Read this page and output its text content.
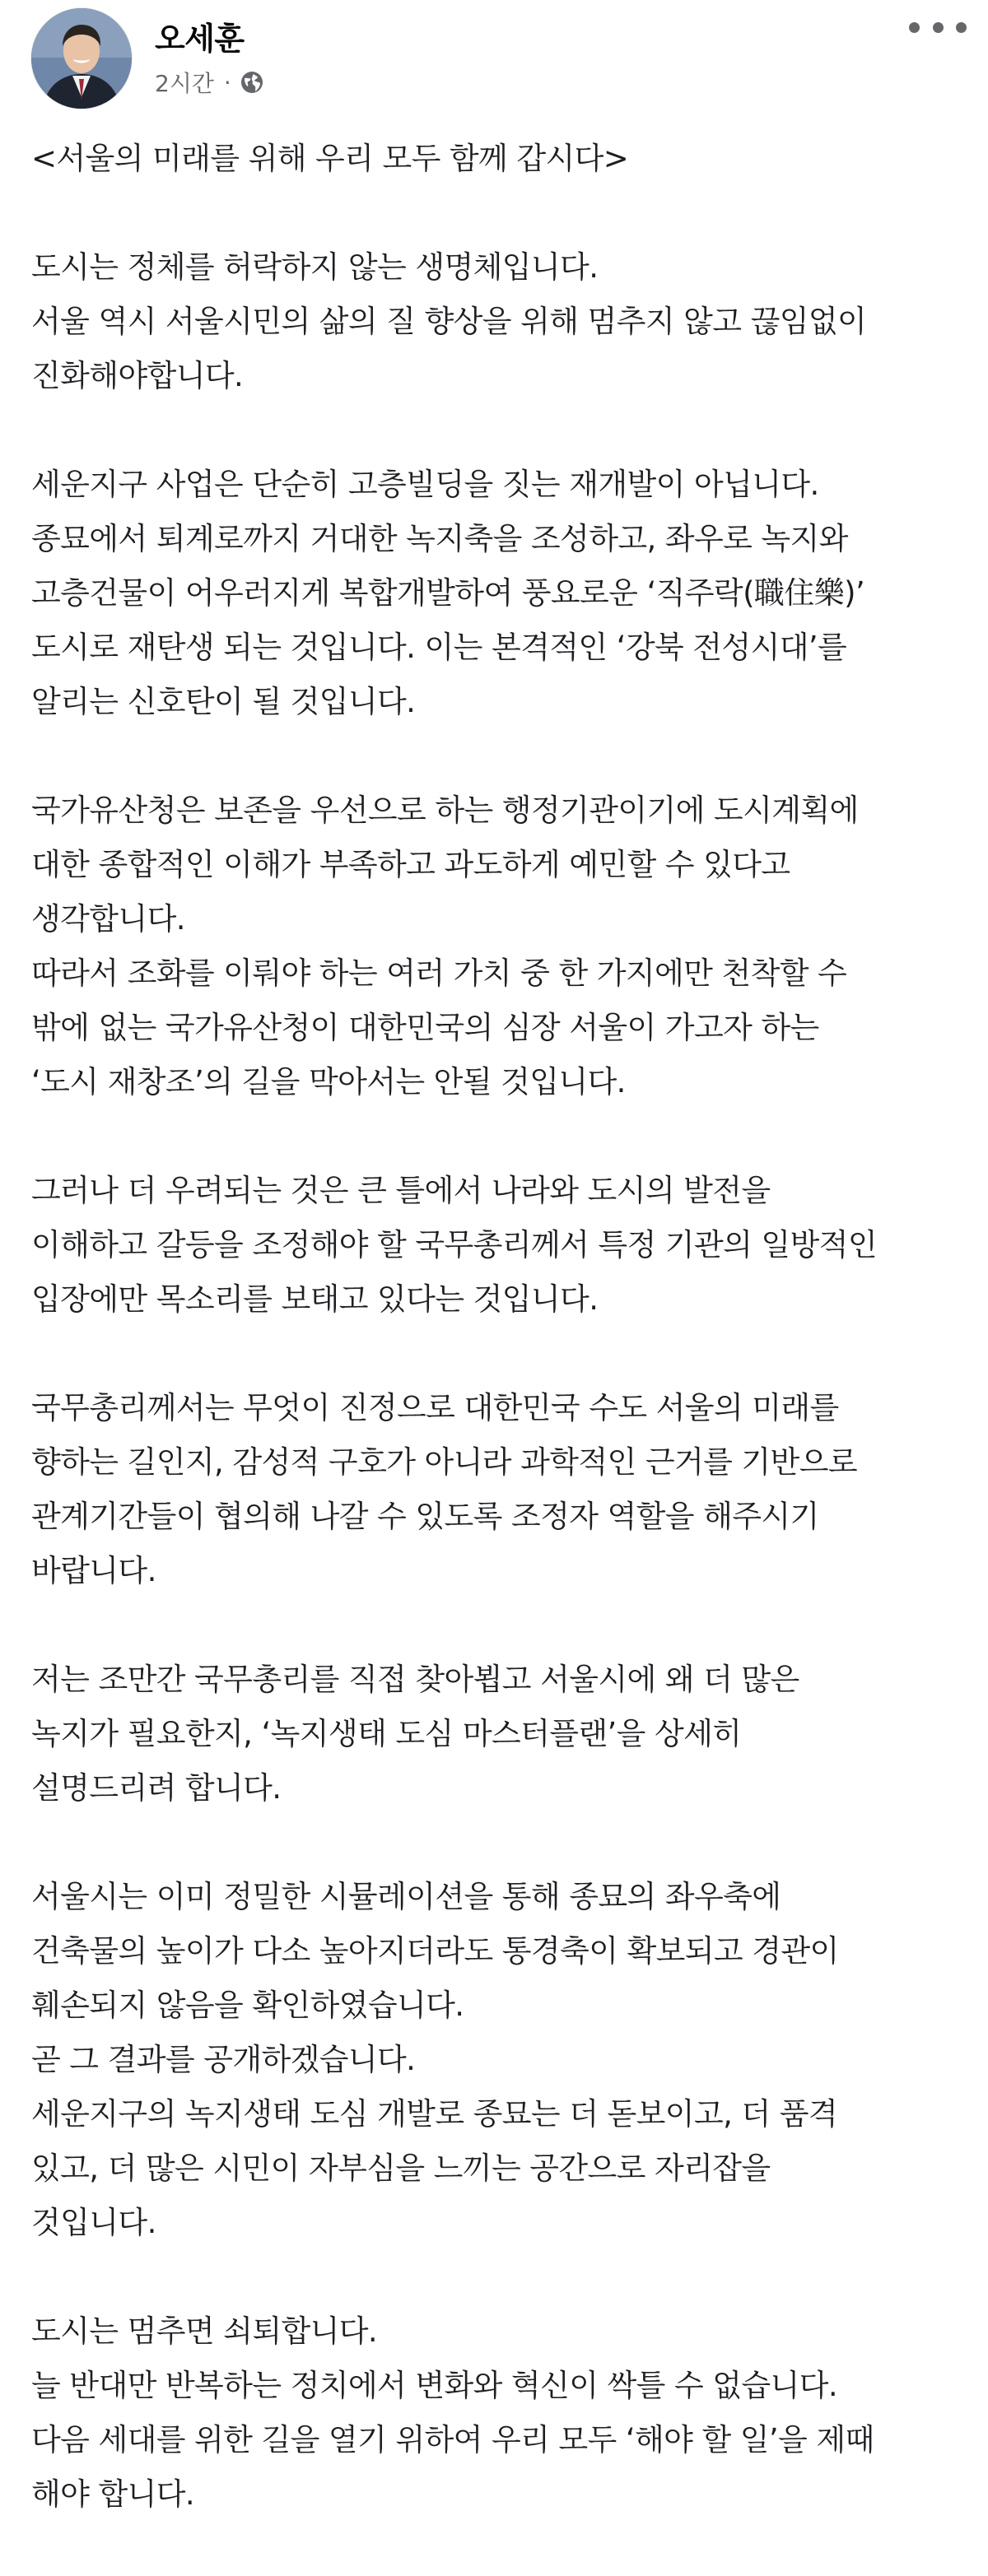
오세훈
2시간 ·

<서울의 미래를 위해 우리 모두 함께 갑시다>

도시는 정체를 허락하지 않는 생명체입니다.
서울 역시 서울시민의 삶의 질 향상을 위해 멈추지 않고 끊임없이
진화해야합니다.

세운지구 사업은 단순히 고층빌딩을 짓는 재개발이 아닙니다.
종묘에서 퇴계로까지 거대한 녹지축을 조성하고, 좌우로 녹지와
고층건물이 어우러지게 복합개발하여 풍요로운 ‘직주락(職住樂)’
도시로 재탄생 되는 것입니다. 이는 본격적인 ‘강북 전성시대’를
알리는 신호탄이 될 것입니다.

국가유산청은 보존을 우선으로 하는 행정기관이기에 도시계획에
대한 종합적인 이해가 부족하고 과도하게 예민할 수 있다고
생각합니다.
따라서 조화를 이뤄야 하는 여러 가치 중 한 가지에만 천착할 수
밖에 없는 국가유산청이 대한민국의 심장 서울이 가고자 하는
‘도시 재창조’의 길을 막아서는 안될 것입니다.

그러나 더 우려되는 것은 큰 틀에서 나라와 도시의 발전을
이해하고 갈등을 조정해야 할 국무총리께서 특정 기관의 일방적인
입장에만 목소리를 보태고 있다는 것입니다.

국무총리께서는 무엇이 진정으로 대한민국 수도 서울의 미래를
향하는 길인지, 감성적 구호가 아니라 과학적인 근거를 기반으로
관계기간들이 협의해 나갈 수 있도록 조정자 역할을 해주시기
바랍니다.

저는 조만간 국무총리를 직접 찾아뵙고 서울시에 왜 더 많은
녹지가 필요한지, ‘녹지생태 도심 마스터플랜’을 상세히
설명드리려 합니다.

서울시는 이미 정밀한 시뮬레이션을 통해 종묘의 좌우축에
건축물의 높이가 다소 높아지더라도 통경축이 확보되고 경관이
훼손되지 않음을 확인하였습니다.
곧 그 결과를 공개하겠습니다.
세운지구의 녹지생태 도심 개발로 종묘는 더 돋보이고, 더 품격
있고, 더 많은 시민이 자부심을 느끼는 공간으로 자리잡을
것입니다.

도시는 멈추면 쇠퇴합니다.
늘 반대만 반복하는 정치에서 변화와 혁신이 싹틀 수 없습니다.
다음 세대를 위한 길을 열기 위하여 우리 모두 ‘해야 할 일’을 제때
해야 합니다.
